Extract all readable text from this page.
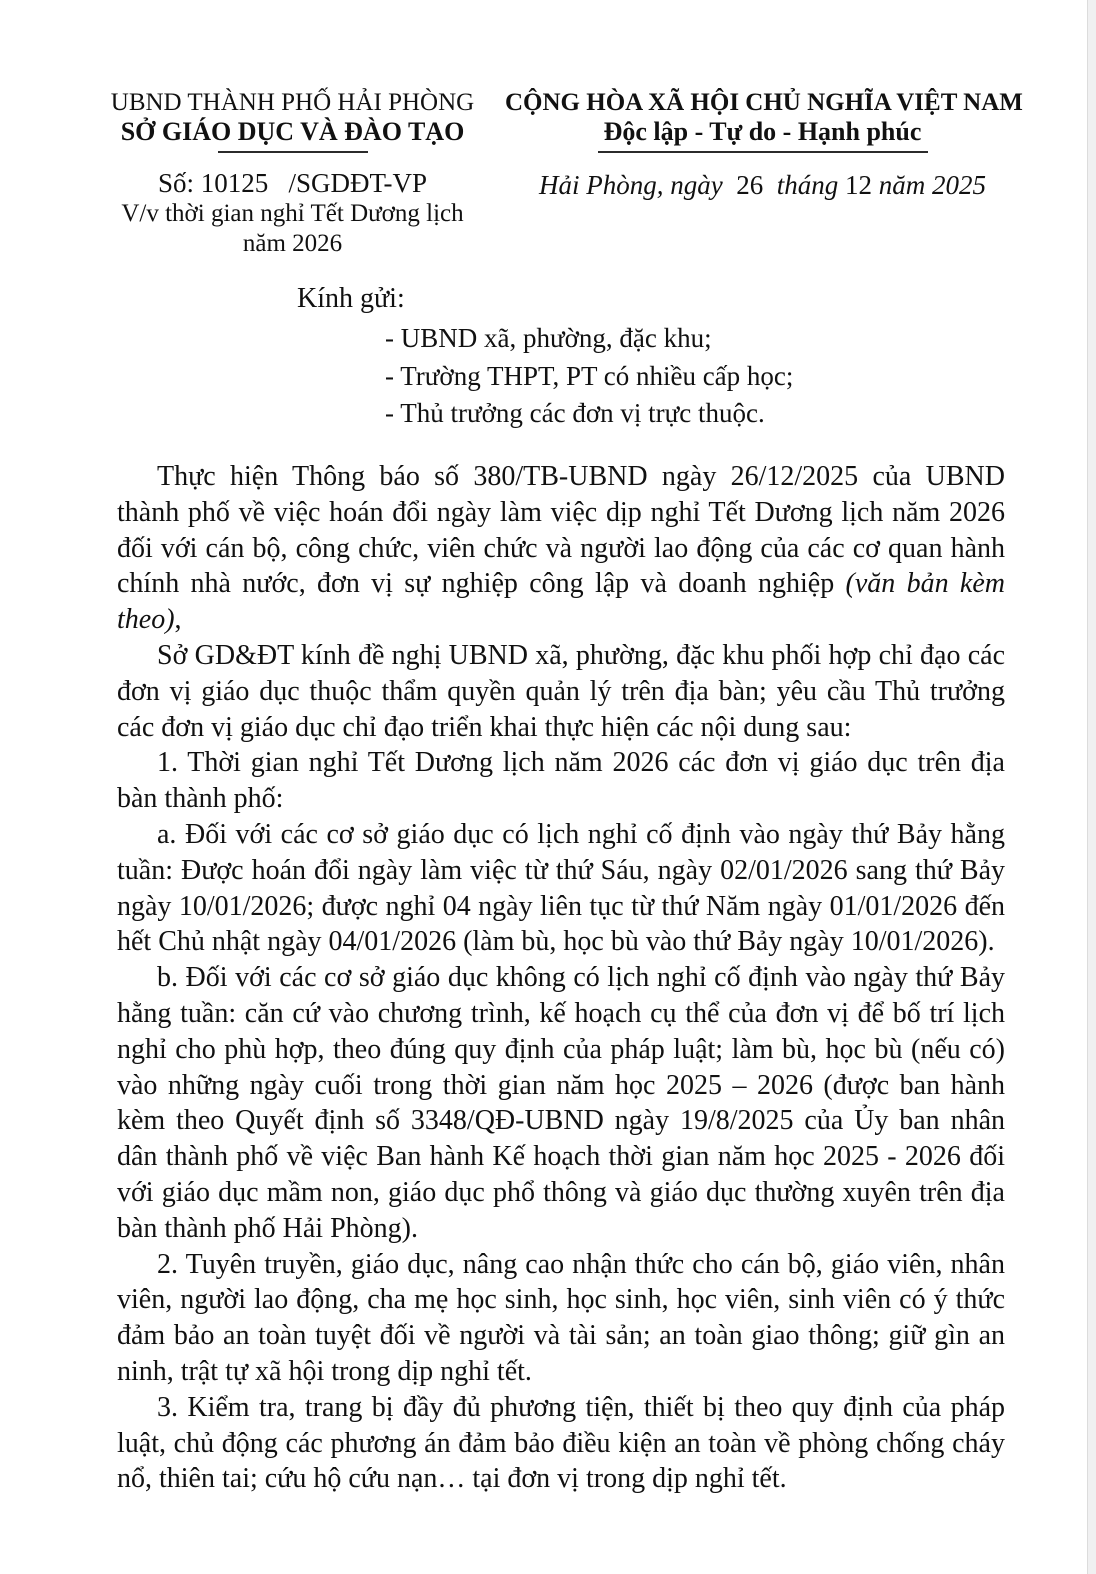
UBND THÀNH PHỐ HẢI PHÒNG
SỞ GIÁO DỤC VÀ ĐÀO TẠO
Số: 10125   /SGDĐT-VP
V/v thời gian nghỉ Tết Dương lịch
năm 2026
CỘNG HÒA XÃ HỘI CHỦ NGHĨA VIỆT NAM
Độc lập - Tự do - Hạnh phúc
Hải Phòng, ngày  26  tháng 12 năm 2025
Kính gửi:
- UBND xã, phường, đặc khu;
- Trường THPT, PT có nhiều cấp học;
- Thủ trưởng các đơn vị trực thuộc.

Thực hiện Thông báo số 380/TB-UBND ngày 26/12/2025 của UBND thành phố về việc hoán đổi ngày làm việc dịp nghỉ Tết Dương lịch năm 2026 đối với cán bộ, công chức, viên chức và người lao động của các cơ quan hành chính nhà nước, đơn vị sự nghiệp công lập và doanh nghiệp (văn bản kèm theo),

Sở GD&ĐT kính đề nghị UBND xã, phường, đặc khu phối hợp chỉ đạo các đơn vị giáo dục thuộc thẩm quyền quản lý trên địa bàn; yêu cầu Thủ trưởng các đơn vị giáo dục chỉ đạo triển khai thực hiện các nội dung sau:

1. Thời gian nghỉ Tết Dương lịch năm 2026 các đơn vị giáo dục trên địa bàn thành phố:

a. Đối với các cơ sở giáo dục có lịch nghỉ cố định vào ngày thứ Bảy hằng tuần: Được hoán đổi ngày làm việc từ thứ Sáu, ngày 02/01/2026 sang thứ Bảy ngày 10/01/2026; được nghỉ 04 ngày liên tục từ thứ Năm ngày 01/01/2026 đến hết Chủ nhật ngày 04/01/2026 (làm bù, học bù vào thứ Bảy ngày 10/01/2026).

b. Đối với các cơ sở giáo dục không có lịch nghỉ cố định vào ngày thứ Bảy hằng tuần: căn cứ vào chương trình, kế hoạch cụ thể của đơn vị để bố trí lịch nghỉ cho phù hợp, theo đúng quy định của pháp luật; làm bù, học bù (nếu có) vào những ngày cuối trong thời gian năm học 2025 – 2026 (được ban hành kèm theo Quyết định số 3348/QĐ-UBND ngày 19/8/2025 của Ủy ban nhân dân thành phố về việc Ban hành Kế hoạch thời gian năm học 2025 - 2026 đối với giáo dục mầm non, giáo dục phổ thông và giáo dục thường xuyên trên địa bàn thành phố Hải Phòng).

2. Tuyên truyền, giáo dục, nâng cao nhận thức cho cán bộ, giáo viên, nhân viên, người lao động, cha mẹ học sinh, học sinh, học viên, sinh viên có ý thức đảm bảo an toàn tuyệt đối về người và tài sản; an toàn giao thông; giữ gìn an ninh, trật tự xã hội trong dịp nghỉ tết.

3. Kiểm tra, trang bị đầy đủ phương tiện, thiết bị theo quy định của pháp luật, chủ động các phương án đảm bảo điều kiện an toàn về phòng chống cháy nổ, thiên tai; cứu hộ cứu nạn… tại đơn vị trong dịp nghỉ tết.
